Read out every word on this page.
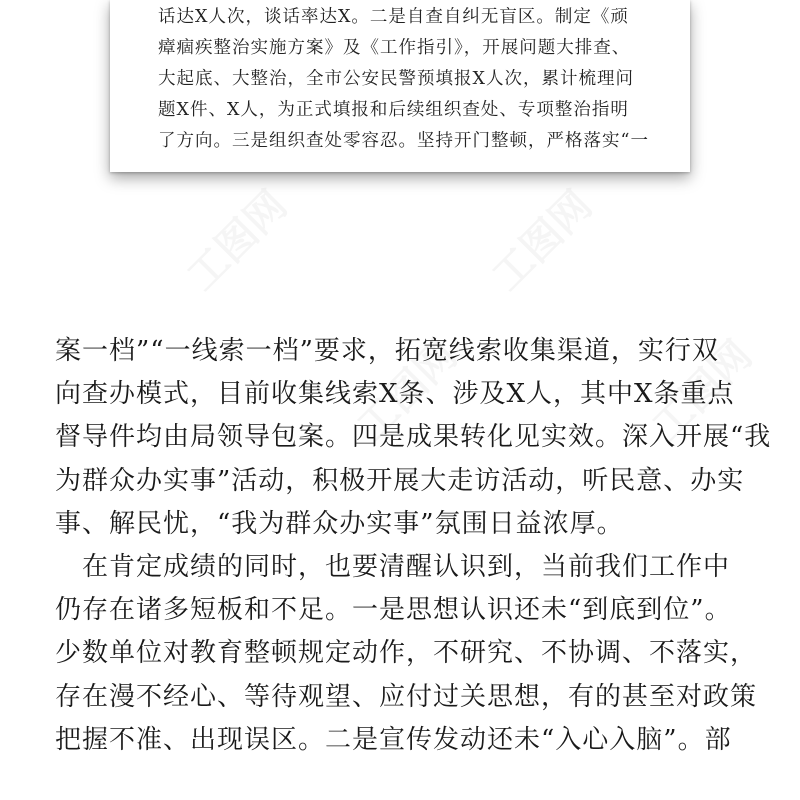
工图网	工图网
工图网	工图网
话达X人次，谈话率达X。二是自查自纠无盲区。制定《顽
瘴痼疾整治实施方案》及《工作指引》，开展问题大排查、
大起底、大整治，全市公安民警预填报X人次，累计梳理问
题X件、X人，为正式填报和后续组织查处、专项整治指明
了方向。三是组织查处零容忍。坚持开门整顿，严格落实“一
案一档”“一线索一档”要求，拓宽线索收集渠道，实行双
向查办模式，目前收集线索X条、涉及X人，其中X条重点
督导件均由局领导包案。四是成果转化见实效。深入开展“我
为群众办实事”活动，积极开展大走访活动，听民意、办实
事、解民忧，“我为群众办实事”氛围日益浓厚。
　在肯定成绩的同时，也要清醒认识到，当前我们工作中
仍存在诸多短板和不足。一是思想认识还未“到底到位”。
少数单位对教育整顿规定动作，不研究、不协调、不落实，
存在漫不经心、等待观望、应付过关思想，有的甚至对政策
把握不准、出现误区。二是宣传发动还未“入心入脑”。部
